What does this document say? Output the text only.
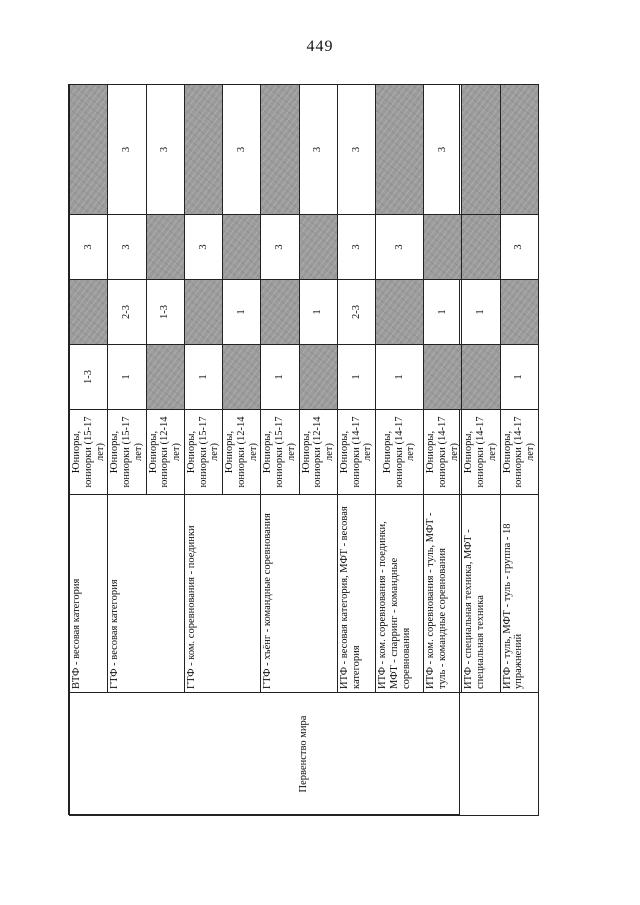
449
Первенство мира	ВТФ - весовая категория	Юниоры, юниорки (15-17 лет)	1-3		3	
	ГТФ - весовая категория	Юниоры, юниорки (15-17 лет)	1	2-3	3	3
		Юниоры, юниорки (12-14 лет)		1-3		3
	ГТФ - ком. соревнования - поединки	Юниоры, юниорки (15-17 лет)	1		3	
		Юниоры, юниорки (12-14 лет)		1		3
	ГТФ - хъёнг - командные соревнования	Юниоры, юниорки (15-17 лет)	1		3	
		Юниоры, юниорки (12-14 лет)		1		3
	ИТФ - весовая категория, МФТ - весовая категория	Юниоры, юниорки (14-17 лет)	1	2-3	3	3
	ИТФ - ком. соревнования - поединки, МФТ - спарринг - командные соревнования	Юниоры, юниорки (14-17 лет)	1		3	
	ИТФ - ком. соревнования - туль, МФТ - туль - командные соревнования	Юниоры, юниорки (14-17 лет)		1		3
	ИТФ - специальная техника, МФТ - специальная техника	Юниоры, юниорки (14-17 лет)		1		
	ИТФ - туль, МФТ - туль - группа - 18 упражнений	Юниоры, юниорки (14-17 лет)	1		3	
